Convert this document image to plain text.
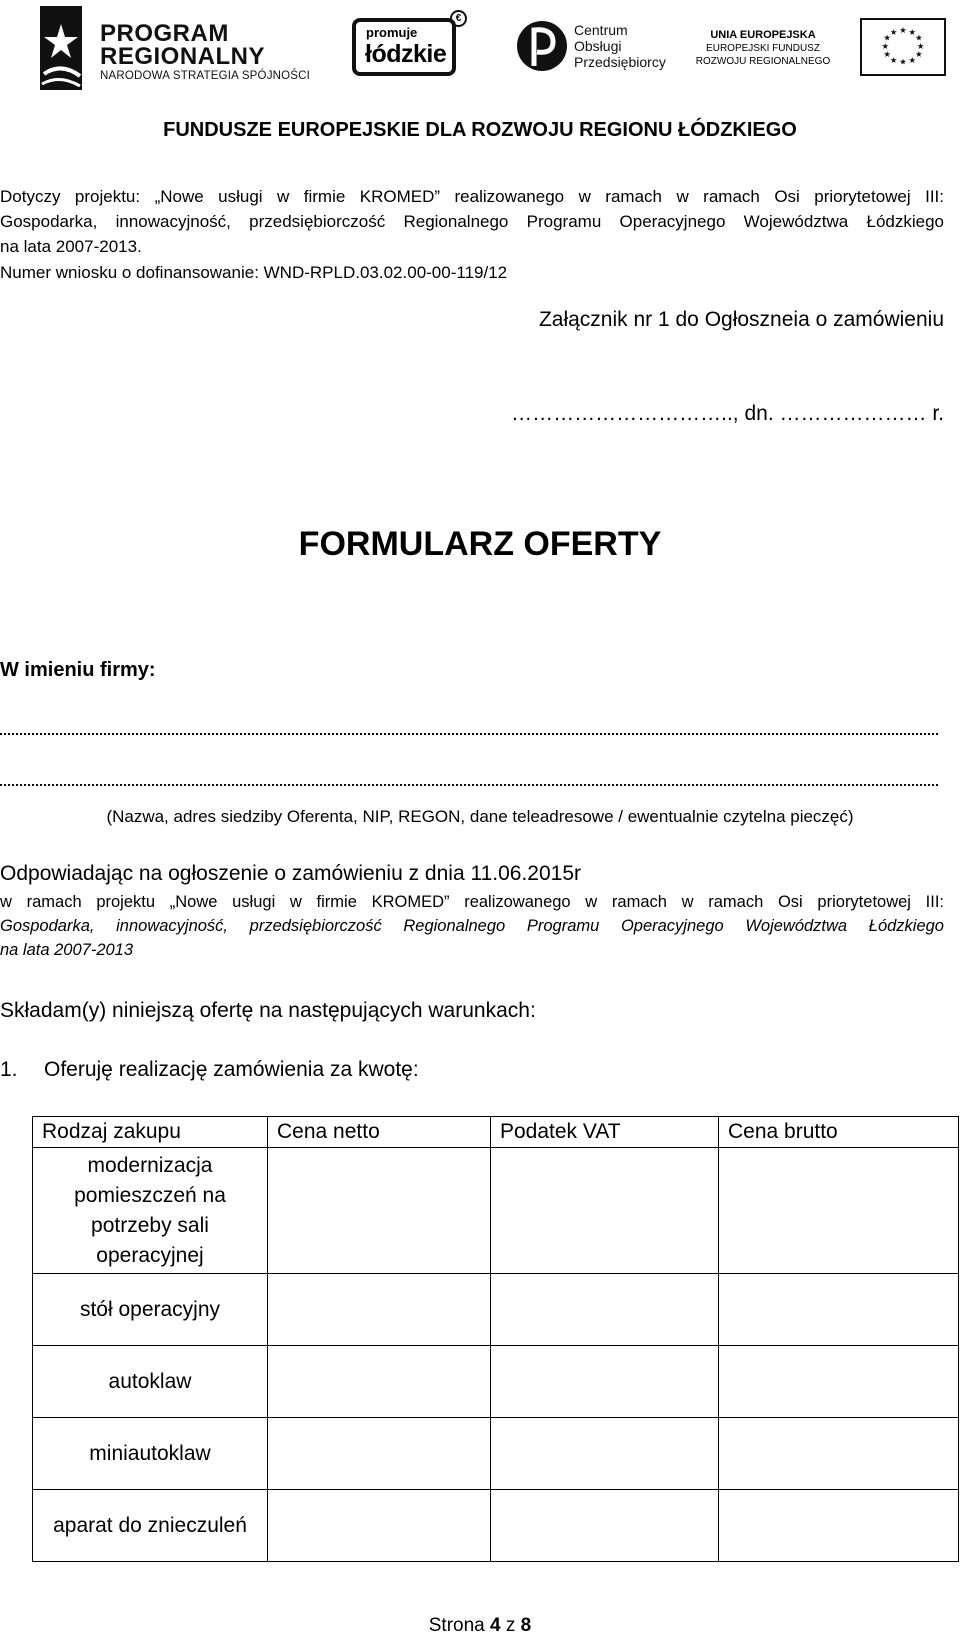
PROGRAM
REGIONALNY
NARODOWA STRATEGIA SPÓJNOŚCI
promuje
łódzkie
€
Centrum
Obsługi
Przedsiębiorcy
UNIA EUROPEJSKA
EUROPEJSKI FUNDUSZ
ROZWOJU REGIONALNEGO
★ ★
★
★
★
★
★
★
★
★
★
★
FUNDUSZE EUROPEJSKIE DLA ROZWOJU REGIONU ŁÓDZKIEGO
Dotyczy projektu: „Nowe usługi w firmie KROMED” realizowanego w ramach w ramach Osi priorytetowej III:
Gospodarka, innowacyjność, przedsiębiorczość Regionalnego Programu Operacyjnego Województwa Łódzkiego
na lata 2007-2013.
Numer wniosku o dofinansowanie: WND-RPLD.03.02.00-00-119/12
Załącznik nr 1 do Ogłoszneia o zamówieniu
………………………….., dn. ………………… r.
FORMULARZ OFERTY
W imieniu firmy:
(Nazwa, adres siedziby Oferenta, NIP, REGON, dane teleadresowe / ewentualnie czytelna pieczęć)
Odpowiadając na ogłoszenie o zamówieniu z dnia 11.06.2015r
w ramach projektu „Nowe usługi w firmie KROMED” realizowanego w ramach w ramach Osi priorytetowej III:
Gospodarka, innowacyjność, przedsiębiorczość Regionalnego Programu Operacyjnego Województwa Łódzkiego
na lata 2007-2013
Składam(y) niniejszą ofertę na następujących warunkach:
1. Oferuję realizację zamówienia za kwotę:
Rodzaj zakupu	Cena netto	Podatek VAT	Cena brutto
modernizacja pomieszczeń na potrzeby sali operacyjnej			
stół operacyjny			
autoklaw			
miniautoklaw			
aparat do znieczuleń			
Strona 4 z 8
